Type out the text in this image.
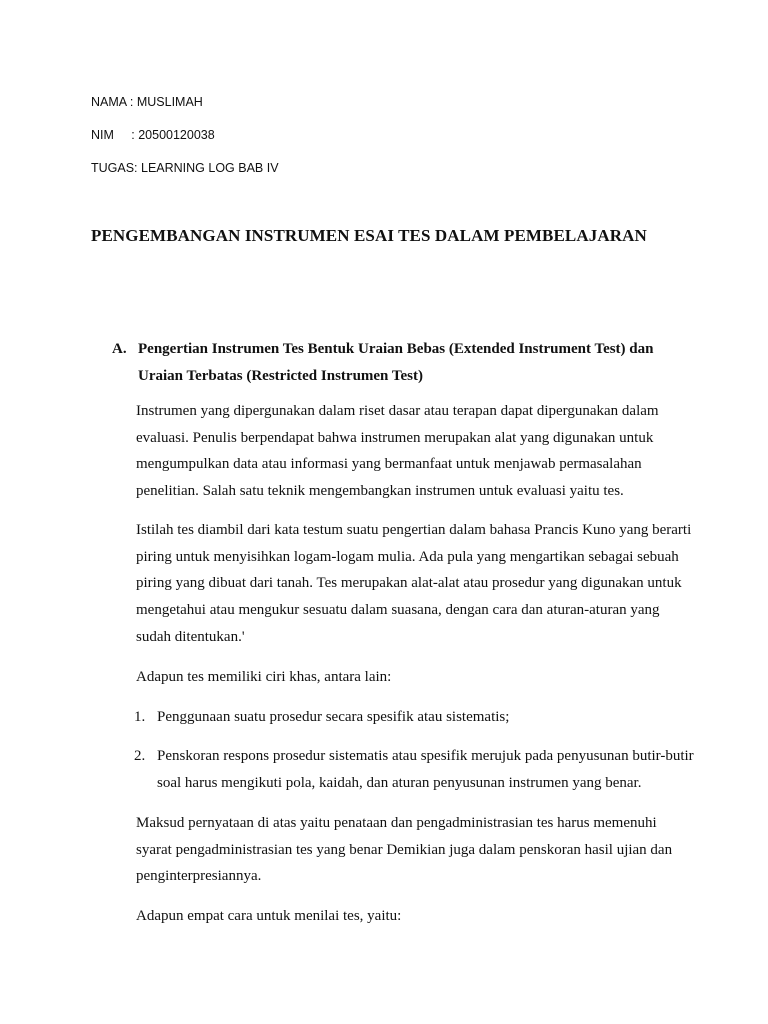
NAMA : MUSLIMAH
NIM     : 20500120038
TUGAS: LEARNING LOG BAB IV
PENGEMBANGAN INSTRUMEN ESAI TES DALAM PEMBELAJARAN
A. Pengertian Instrumen Tes Bentuk Uraian Bebas (Extended Instrument Test) dan Uraian Terbatas (Restricted Instrumen Test)
Instrumen yang dipergunakan dalam riset dasar atau terapan dapat dipergunakan dalam evaluasi. Penulis berpendapat bahwa instrumen merupakan alat yang digunakan untuk mengumpulkan data atau informasi yang bermanfaat untuk menjawab permasalahan penelitian. Salah satu teknik mengembangkan instrumen untuk evaluasi yaitu tes.
Istilah tes diambil dari kata testum suatu pengertian dalam bahasa Prancis Kuno yang berarti piring untuk menyisihkan logam-logam mulia. Ada pula yang mengartikan sebagai sebuah piring yang dibuat dari tanah. Tes merupakan alat-alat atau prosedur yang digunakan untuk mengetahui atau mengukur sesuatu dalam suasana, dengan cara dan aturan-aturan yang sudah ditentukan.'
Adapun tes memiliki ciri khas, antara lain:
1. Penggunaan suatu prosedur secara spesifik atau sistematis;
2. Penskoran respons prosedur sistematis atau spesifik merujuk pada penyusunan butir-butir soal harus mengikuti pola, kaidah, dan aturan penyusunan instrumen yang benar.
Maksud pernyataan di atas yaitu penataan dan pengadministrasian tes harus memenuhi syarat pengadministrasian tes yang benar Demikian juga dalam penskoran hasil ujian dan penginterpresiannya.
Adapun empat cara untuk menilai tes, yaitu:
